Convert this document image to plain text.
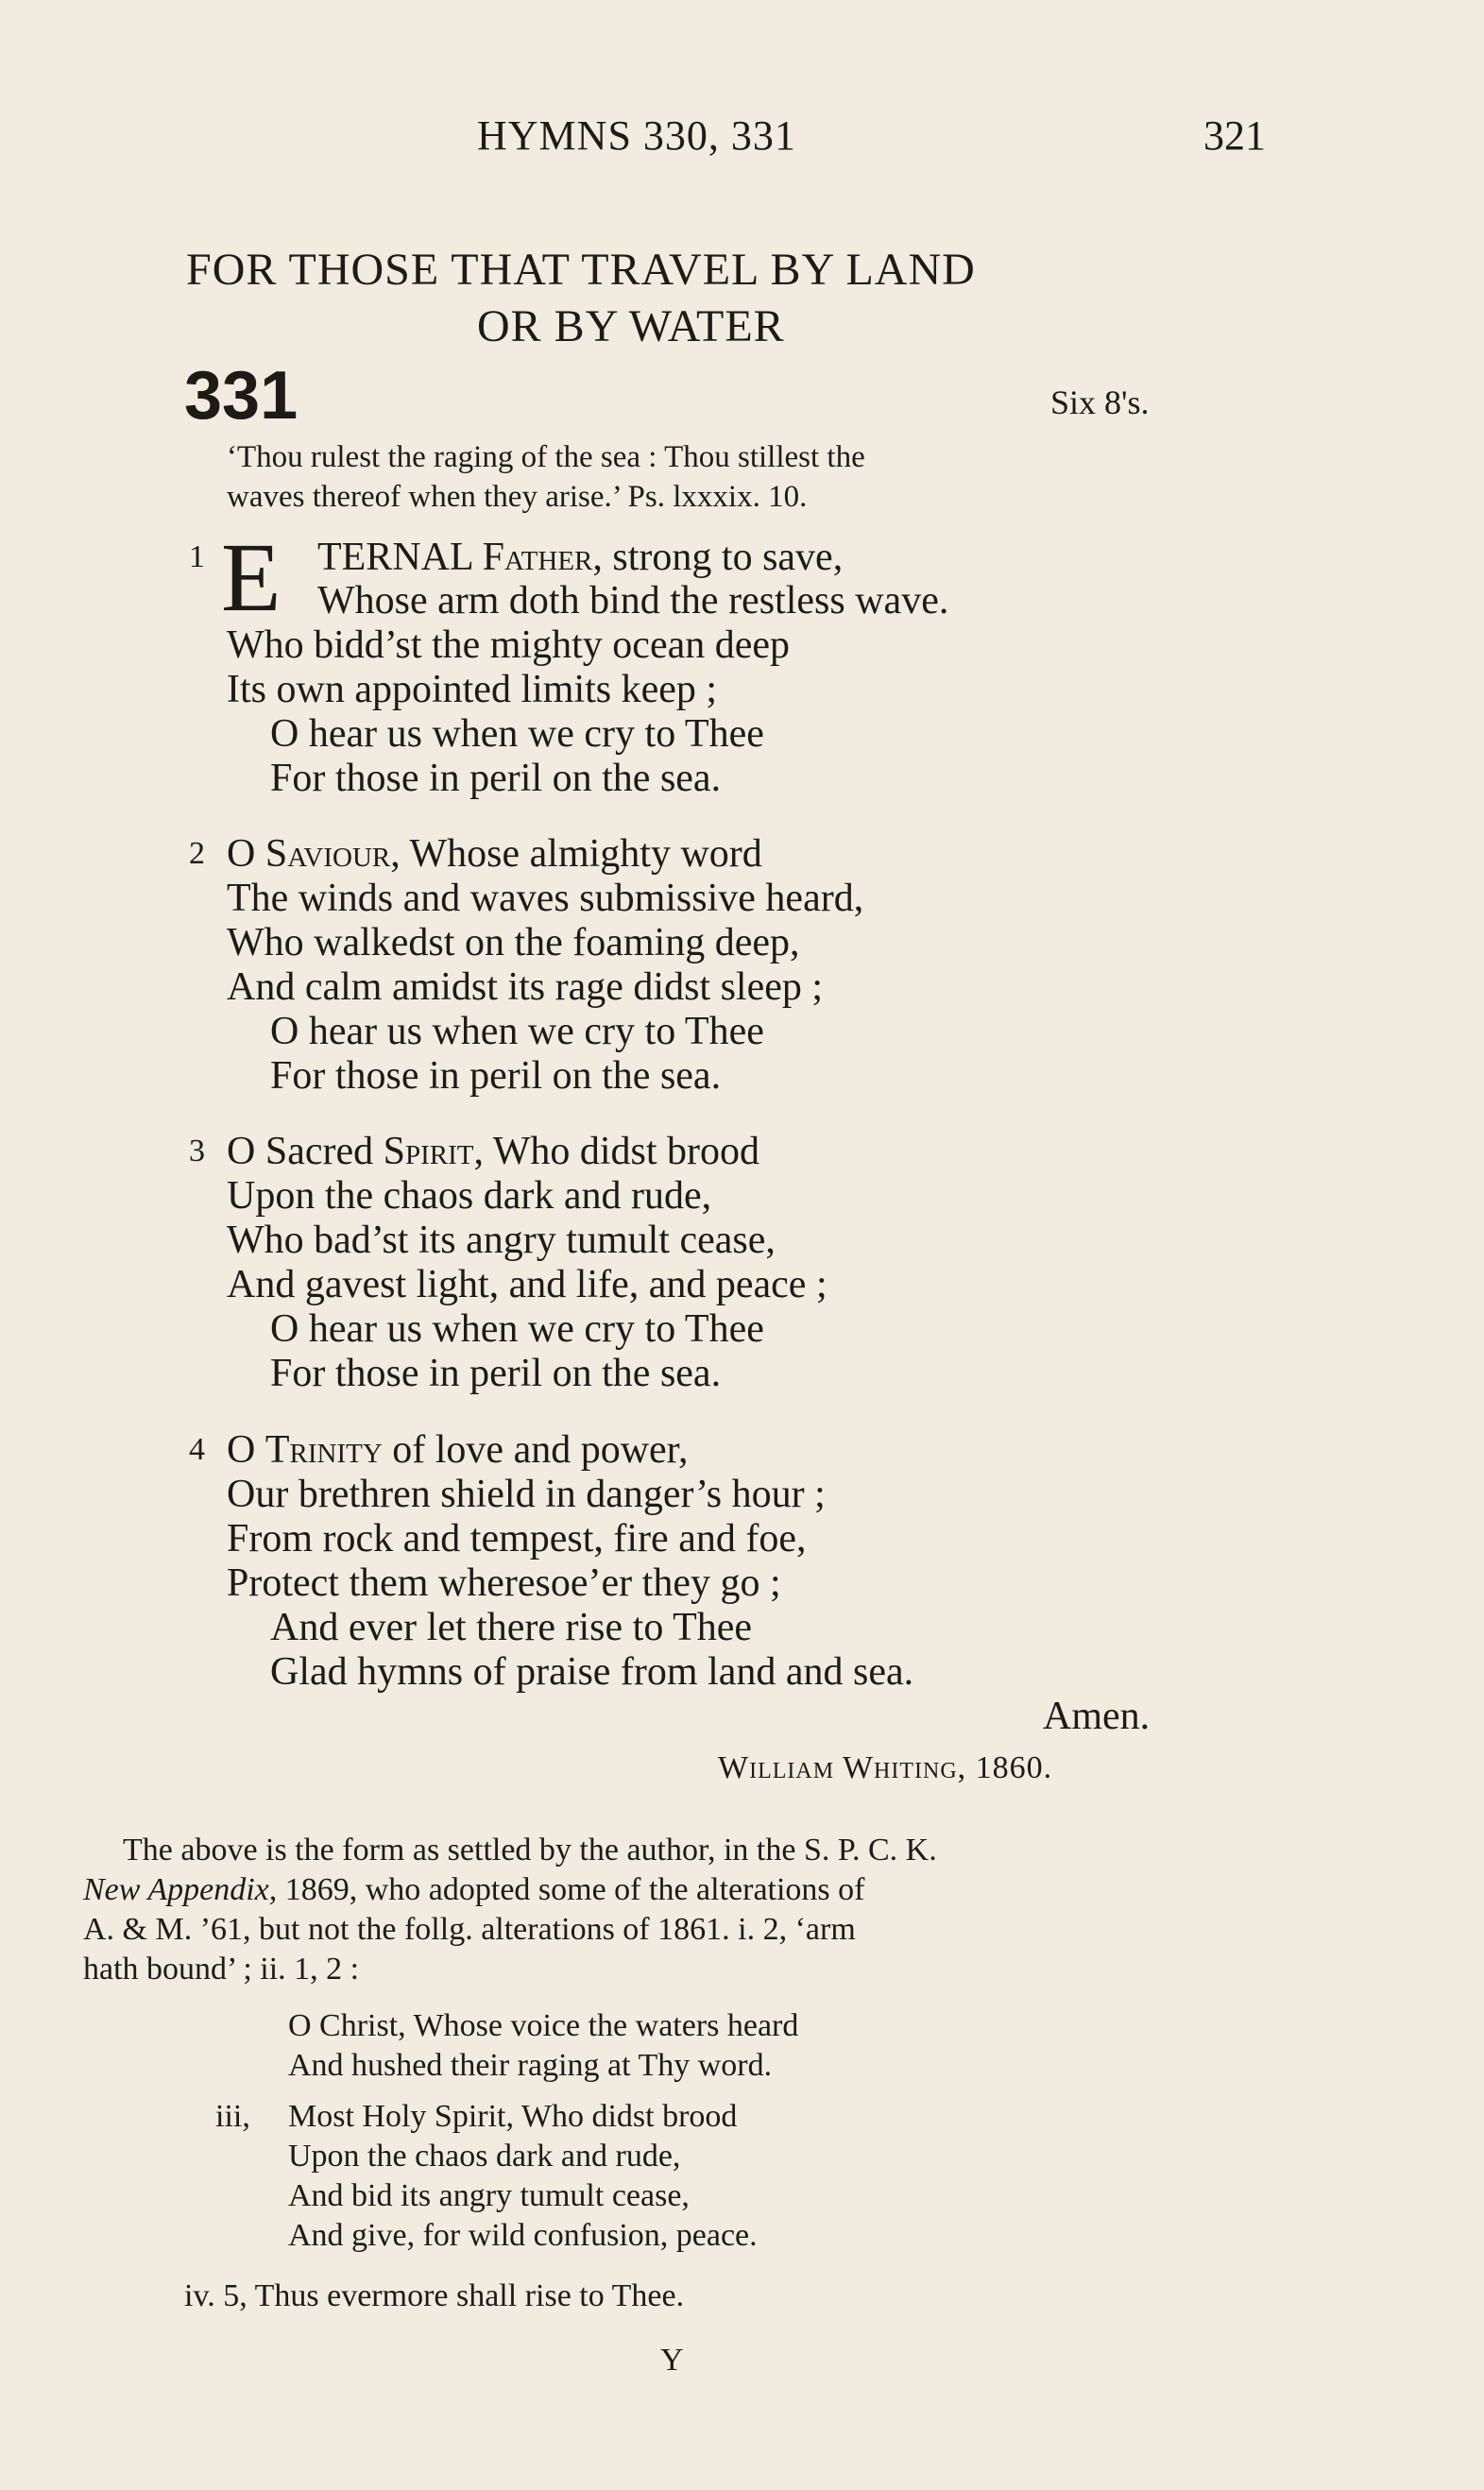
HYMNS 330, 331	321
FOR THOSE THAT TRAVEL BY LAND
OR BY WATER
331	Six 8's.
‘Thou rulest the raging of the sea : Thou stillest the
waves thereof when they arise.’ Ps. lxxxix. 10.
1 E TERNAL Father, strong to save,
Whose arm doth bind the restless wave.
Who bidd’st the mighty ocean deep
Its own appointed limits keep ;
O hear us when we cry to Thee
For those in peril on the sea.
2 O Saviour, Whose almighty word
The winds and waves submissive heard,
Who walkedst on the foaming deep,
And calm amidst its rage didst sleep ;
O hear us when we cry to Thee
For those in peril on the sea.
3 O Sacred Spirit, Who didst brood
Upon the chaos dark and rude,
Who bad’st its angry tumult cease,
And gavest light, and life, and peace ;
O hear us when we cry to Thee
For those in peril on the sea.
4 O Trinity of love and power,
Our brethren shield in danger’s hour ;
From rock and tempest, fire and foe,
Protect them wheresoe’er they go ;
And ever let there rise to Thee
Glad hymns of praise from land and sea.
Amen.
William Whiting, 1860.
The above is the form as settled by the author, in the S. P. C. K.
New Appendix, 1869, who adopted some of the alterations of
A. & M. ’61, but not the follg. alterations of 1861. i. 2, ‘arm
hath bound’ ; ii. 1, 2 :
O Christ, Whose voice the waters heard
And hushed their raging at Thy word.
iii, Most Holy Spirit, Who didst brood
Upon the chaos dark and rude,
And bid its angry tumult cease,
And give, for wild confusion, peace.
iv. 5, Thus evermore shall rise to Thee.
Y
